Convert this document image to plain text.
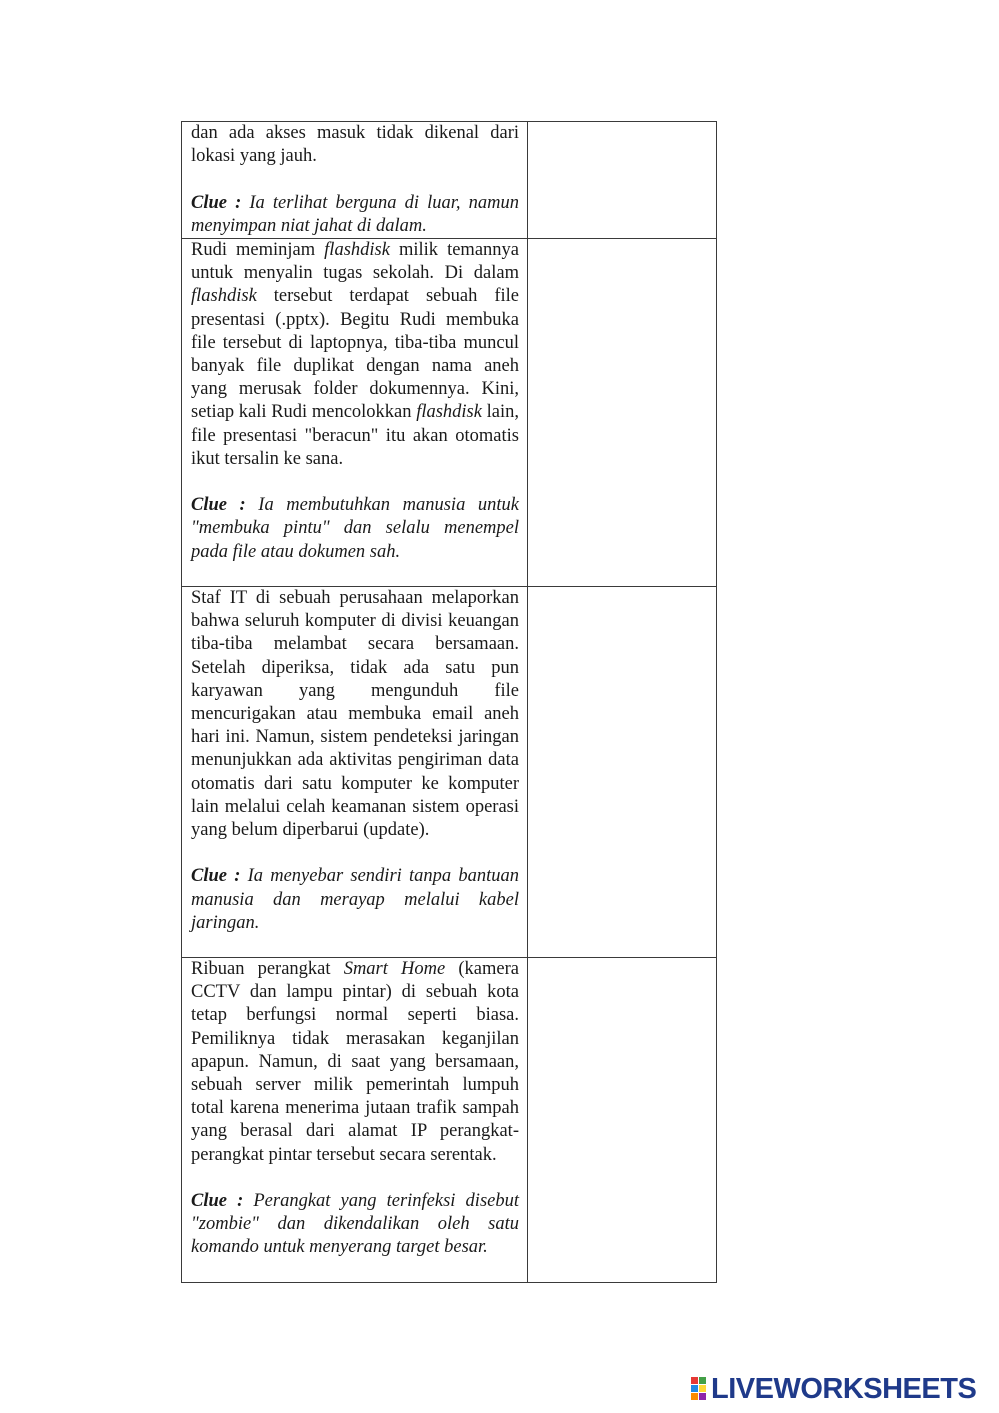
dan ada akses masuk tidak dikenal dari lokasi yang jauh.

Clue : Ia terlihat berguna di luar, namun menyimpan niat jahat di dalam.	

Rudi meminjam flashdisk milik temannya untuk menyalin tugas sekolah. Di dalam flashdisk tersebut terdapat sebuah file presentasi (.pptx). Begitu Rudi membuka file tersebut di laptopnya, tiba-tiba muncul banyak file duplikat dengan nama aneh yang merusak folder dokumennya. Kini, setiap kali Rudi mencolokkan flashdisk lain, file presentasi "beracun" itu akan otomatis ikut tersalin ke sana.

Clue : Ia membutuhkan manusia untuk "membuka pintu" dan selalu menempel pada file atau dokumen sah.	

Staf IT di sebuah perusahaan melaporkan bahwa seluruh komputer di divisi keuangan tiba-tiba melambat secara bersamaan. Setelah diperiksa, tidak ada satu pun karyawan yang mengunduh file mencurigakan atau membuka email aneh hari ini. Namun, sistem pendeteksi jaringan menunjukkan ada aktivitas pengiriman data otomatis dari satu komputer ke komputer lain melalui celah keamanan sistem operasi yang belum diperbarui (update).

Clue : Ia menyebar sendiri tanpa bantuan manusia dan merayap melalui kabel jaringan.	

Ribuan perangkat Smart Home (kamera CCTV dan lampu pintar) di sebuah kota tetap berfungsi normal seperti biasa. Pemiliknya tidak merasakan keganjilan apapun. Namun, di saat yang bersamaan, sebuah server milik pemerintah lumpuh total karena menerima jutaan trafik sampah yang berasal dari alamat IP perangkat-perangkat pintar tersebut secara serentak.

Clue : Perangkat yang terinfeksi disebut "zombie" dan dikendalikan oleh satu komando untuk menyerang target besar.	

LIVEWORKSHEETS
